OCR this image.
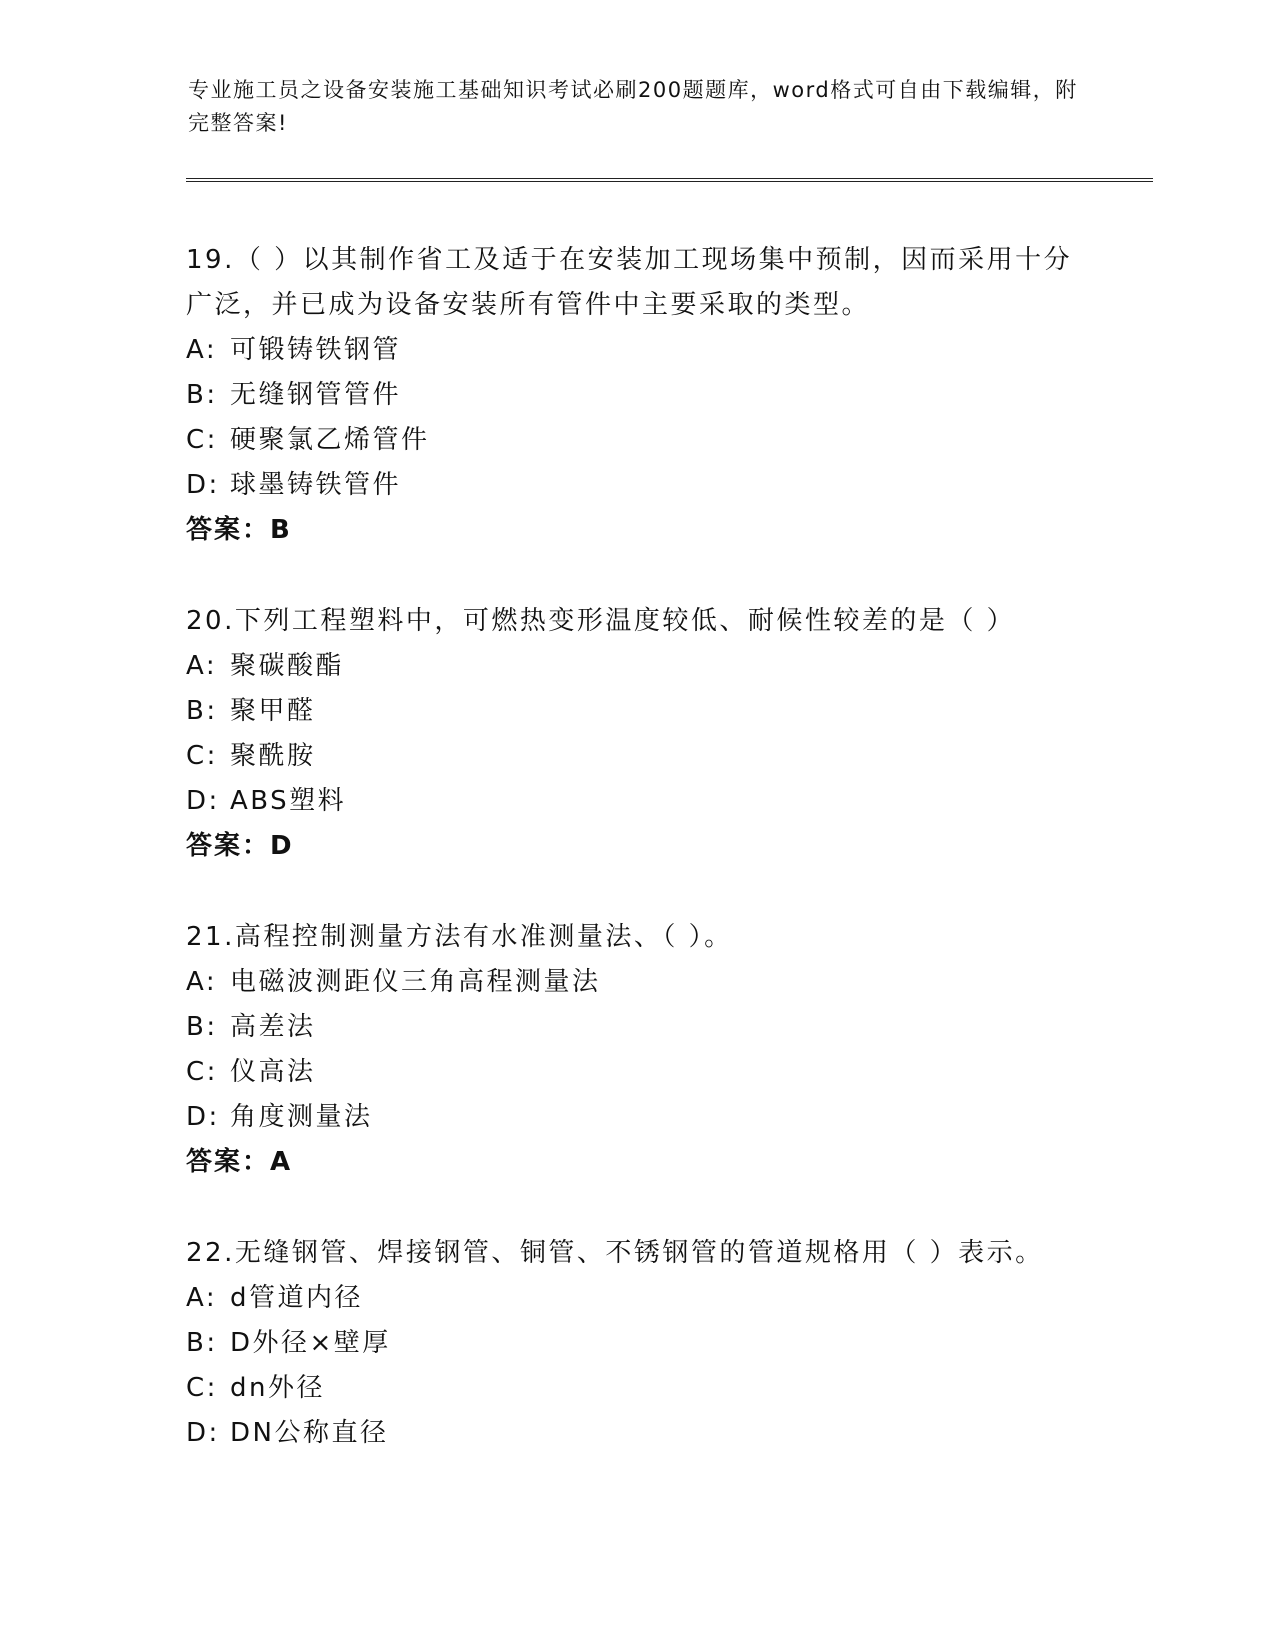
专业施工员之设备安装施工基础知识考试必刷200题题库，word格式可自由下载编辑，附完整答案!

19.（ ）以其制作省工及适于在安装加工现场集中预制，因而采用十分广泛，并已成为设备安装所有管件中主要采取的类型。

A: 可锻铸铁钢管

B: 无缝钢管管件

C: 硬聚氯乙烯管件

D: 球墨铸铁管件

答案：B

20.下列工程塑料中，可燃热变形温度较低、耐候性较差的是（ ）

A: 聚碳酸酯

B: 聚甲醛

C: 聚酰胺

D: ABS塑料

答案：D

21.高程控制测量方法有水准测量法、（ ）。

A: 电磁波测距仪三角高程测量法

B: 高差法

C: 仪高法

D: 角度测量法

答案：A

22.无缝钢管、焊接钢管、铜管、不锈钢管的管道规格用（ ）表示。

A: d管道内径

B: D外径×壁厚

C: dn外径

D: DN公称直径
